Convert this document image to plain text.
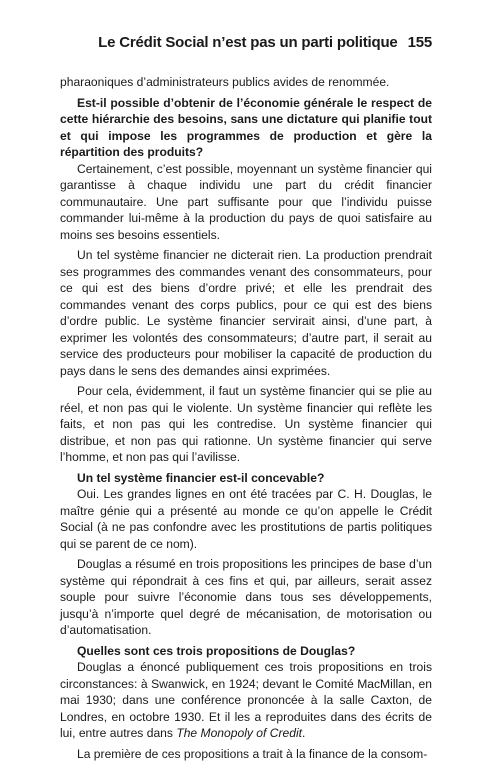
Le Crédit Social n’est pas un parti politique 155

pharaoniques d’administrateurs publics avides de renommée.

Est-il possible d’obtenir de l’économie générale le respect de cette hiérarchie des besoins, sans une dictature qui planifie tout et qui impose les programmes de production et gère la répartition des produits?

Certainement, c’est possible, moyennant un système financier qui garantisse à chaque individu une part du crédit financier communautaire. Une part suffisante pour que l’individu puisse commander lui-même à la production du pays de quoi satisfaire au moins ses besoins essentiels.

Un tel système financier ne dicterait rien. La production prendrait ses programmes des commandes venant des consommateurs, pour ce qui est des biens d’ordre privé; et elle les prendrait des commandes venant des corps publics, pour ce qui est des biens d’ordre public. Le système financier servirait ainsi, d’une part, à exprimer les volontés des consommateurs; d’autre part, il serait au service des producteurs pour mobiliser la capacité de production du pays dans le sens des demandes ainsi exprimées.

Pour cela, évidemment, il faut un système financier qui se plie au réel, et non pas qui le violente. Un système financier qui reflète les faits, et non pas qui les contredise. Un système financier qui distribue, et non pas qui rationne. Un système financier qui serve l’homme, et non pas qui l’avilisse.

Un tel système financier est-il concevable?

Oui. Les grandes lignes en ont été tracées par C. H. Douglas, le maître génie qui a présenté au monde ce qu’on appelle le Crédit Social (à ne pas confondre avec les prostitutions de partis politiques qui se parent de ce nom).

Douglas a résumé en trois propositions les principes de base d’un système qui répondrait à ces fins et qui, par ailleurs, serait assez souple pour suivre l’économie dans tous ses développements, jusqu’à n’importe quel degré de mécanisation, de motorisation ou d’automatisation.

Quelles sont ces trois propositions de Douglas?

Douglas a énoncé publiquement ces trois propositions en trois circonstances: à Swanwick, en 1924; devant le Comité MacMillan, en mai 1930; dans une conférence prononcée à la salle Caxton, de Londres, en octobre 1930. Et il les a reproduites dans des écrits de lui, entre autres dans The Monopoly of Credit.

La première de ces propositions a trait à la finance de la consom-
